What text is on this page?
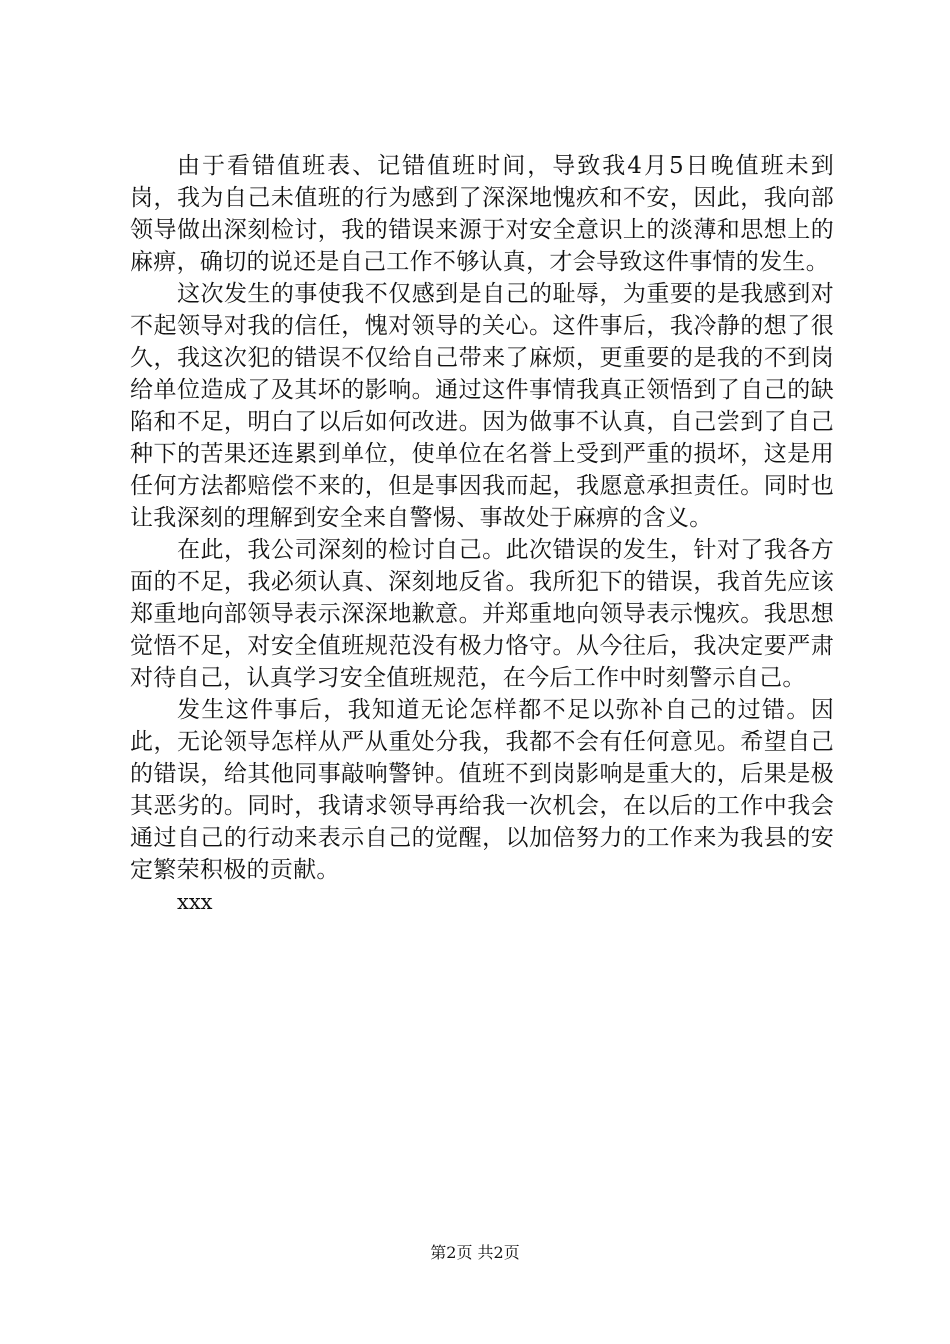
由于看错值班表、记错值班时间，导致我4月5日晚值班未到岗，我为自己未值班的行为感到了深深地愧疚和不安，因此，我向部领导做出深刻检讨，我的错误来源于对安全意识上的淡薄和思想上的麻痹，确切的说还是自己工作不够认真，才会导致这件事情的发生。

这次发生的事使我不仅感到是自己的耻辱，为重要的是我感到对不起领导对我的信任，愧对领导的关心。这件事后，我冷静的想了很久，我这次犯的错误不仅给自己带来了麻烦，更重要的是我的不到岗给单位造成了及其坏的影响。通过这件事情我真正领悟到了自己的缺陷和不足，明白了以后如何改进。因为做事不认真，自己尝到了自己种下的苦果还连累到单位，使单位在名誉上受到严重的损坏，这是用任何方法都赔偿不来的，但是事因我而起，我愿意承担责任。同时也让我深刻的理解到安全来自警惕、事故处于麻痹的含义。

在此，我公司深刻的检讨自己。此次错误的发生，针对了我各方面的不足，我必须认真、深刻地反省。我所犯下的错误，我首先应该郑重地向部领导表示深深地歉意。并郑重地向领导表示愧疚。我思想觉悟不足，对安全值班规范没有极力恪守。从今往后，我决定要严肃对待自己，认真学习安全值班规范，在今后工作中时刻警示自己。

发生这件事后，我知道无论怎样都不足以弥补自己的过错。因此，无论领导怎样从严从重处分我，我都不会有任何意见。希望自己的错误，给其他同事敲响警钟。值班不到岗影响是重大的，后果是极其恶劣的。同时，我请求领导再给我一次机会，在以后的工作中我会通过自己的行动来表示自己的觉醒，以加倍努力的工作来为我县的安定繁荣积极的贡献。

xxx

第2页 共2页
